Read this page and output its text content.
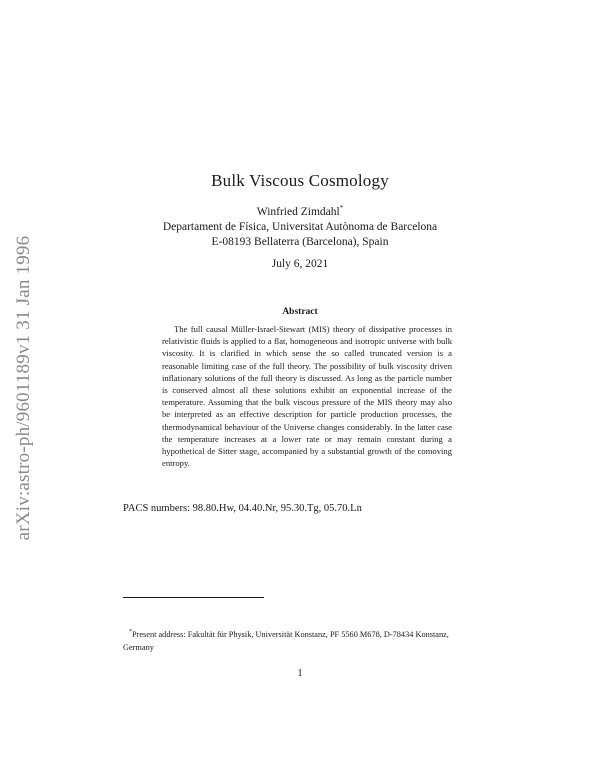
arXiv:astro-ph/9601189v1 31 Jan 1996
Bulk Viscous Cosmology
Winfried Zimdahl*
Departament de Física, Universitat Autònoma de Barcelona
E-08193 Bellaterra (Barcelona), Spain
July 6, 2021
Abstract
The full causal Müller-Israel-Stewart (MIS) theory of dissipative processes in relativistic fluids is applied to a flat, homogeneous and isotropic universe with bulk viscosity. It is clarified in which sense the so called truncated version is a reasonable limiting case of the full theory. The possibility of bulk viscosity driven inflationary solutions of the full theory is discussed. As long as the particle number is conserved almost all these solutions exhibit an exponential increase of the temperature. Assuming that the bulk viscous pressure of the MIS theory may also be interpreted as an effective description for particle production processes, the thermodynamical behaviour of the Universe changes considerably. In the latter case the temperature increases at a lower rate or may remain constant during a hypothetical de Sitter stage, accompanied by a substantial growth of the comoving entropy.
PACS numbers: 98.80.Hw, 04.40.Nr, 95.30.Tg, 05.70.Ln
*Present address: Fakultät für Physik, Universität Konstanz, PF 5560 M678, D-78434 Konstanz, Germany
1
